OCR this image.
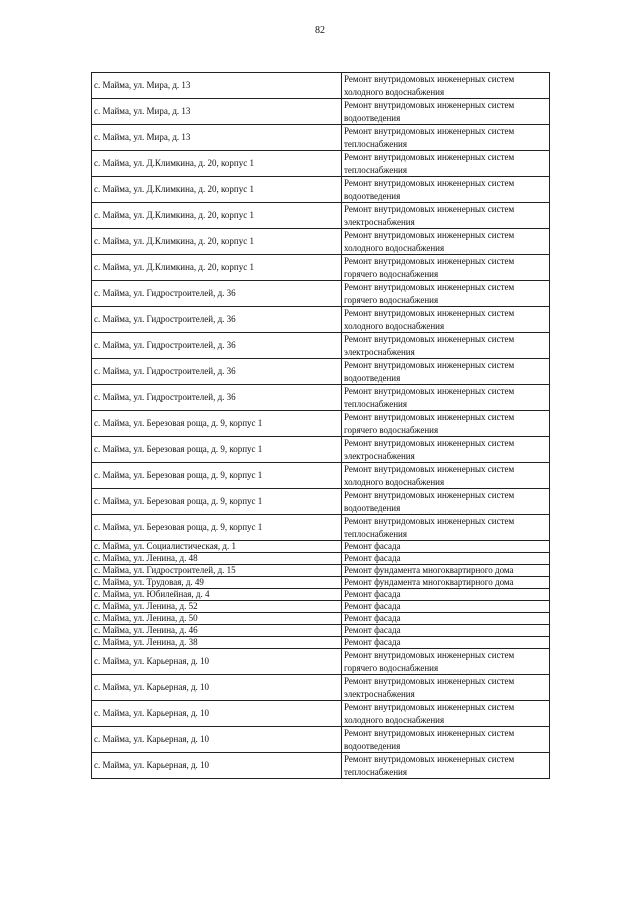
82
с. Майма, ул. Мира, д. 13	Ремонт внутридомовых инженерных систем холодного водоснабжения
с. Майма, ул. Мира, д. 13	Ремонт внутридомовых инженерных систем водоотведения
с. Майма, ул. Мира, д. 13	Ремонт внутридомовых инженерных систем теплоснабжения
с. Майма, ул. Д.Климкина, д. 20, корпус 1	Ремонт внутридомовых инженерных систем теплоснабжения
с. Майма, ул. Д.Климкина, д. 20, корпус 1	Ремонт внутридомовых инженерных систем водоотведения
с. Майма, ул. Д.Климкина, д. 20, корпус 1	Ремонт внутридомовых инженерных систем электроснабжения
с. Майма, ул. Д.Климкина, д. 20, корпус 1	Ремонт внутридомовых инженерных систем холодного водоснабжения
с. Майма, ул. Д.Климкина, д. 20, корпус 1	Ремонт внутридомовых инженерных систем горячего водоснабжения
с. Майма, ул. Гидростроителей, д. 36	Ремонт внутридомовых инженерных систем горячего водоснабжения
с. Майма, ул. Гидростроителей, д. 36	Ремонт внутридомовых инженерных систем холодного водоснабжения
с. Майма, ул. Гидростроителей, д. 36	Ремонт внутридомовых инженерных систем электроснабжения
с. Майма, ул. Гидростроителей, д. 36	Ремонт внутридомовых инженерных систем водоотведения
с. Майма, ул. Гидростроителей, д. 36	Ремонт внутридомовых инженерных систем теплоснабжения
с. Майма, ул. Березовая роща, д. 9, корпус 1	Ремонт внутридомовых инженерных систем горячего водоснабжения
с. Майма, ул. Березовая роща, д. 9, корпус 1	Ремонт внутридомовых инженерных систем электроснабжения
с. Майма, ул. Березовая роща, д. 9, корпус 1	Ремонт внутридомовых инженерных систем холодного водоснабжения
с. Майма, ул. Березовая роща, д. 9, корпус 1	Ремонт внутридомовых инженерных систем водоотведения
с. Майма, ул. Березовая роща, д. 9, корпус 1	Ремонт внутридомовых инженерных систем теплоснабжения
с. Майма, ул. Социалистическая, д. 1	Ремонт фасада
с. Майма, ул. Ленина, д. 48	Ремонт фасада
с. Майма, ул. Гидростроителей, д. 15	Ремонт фундамента многоквартирного дома
с. Майма, ул. Трудовая, д. 49	Ремонт фундамента многоквартирного дома
с. Майма, ул. Юбилейная, д. 4	Ремонт фасада
с. Майма, ул. Ленина, д. 52	Ремонт фасада
с. Майма, ул. Ленина, д. 50	Ремонт фасада
с. Майма, ул. Ленина, д. 46	Ремонт фасада
с. Майма, ул. Ленина, д. 38	Ремонт фасада
с. Майма, ул. Карьерная, д. 10	Ремонт внутридомовых инженерных систем горячего водоснабжения
с. Майма, ул. Карьерная, д. 10	Ремонт внутридомовых инженерных систем электроснабжения
с. Майма, ул. Карьерная, д. 10	Ремонт внутридомовых инженерных систем холодного водоснабжения
с. Майма, ул. Карьерная, д. 10	Ремонт внутридомовых инженерных систем водоотведения
с. Майма, ул. Карьерная, д. 10	Ремонт внутридомовых инженерных систем теплоснабжения
